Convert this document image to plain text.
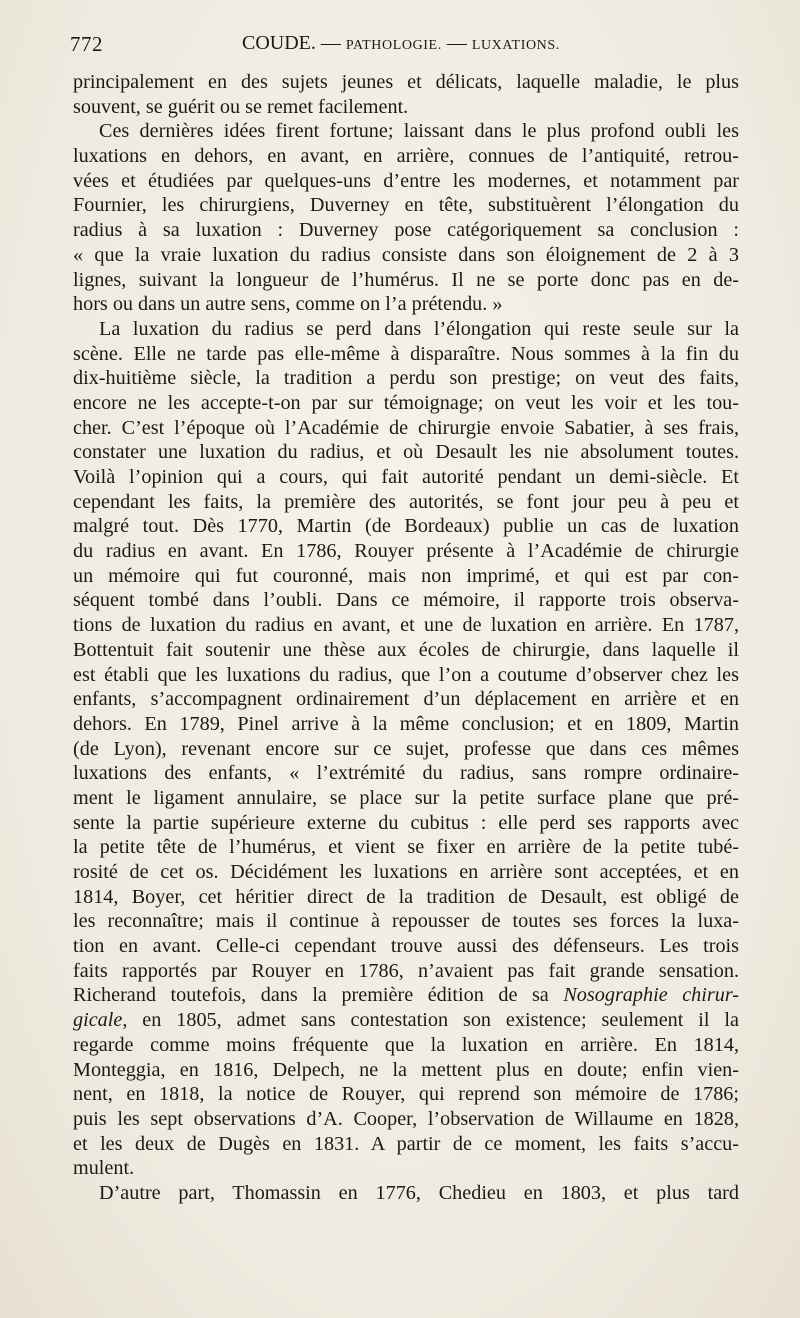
772	COUDE. — PATHOLOGIE. — LUXATIONS.
principalement en des sujets jeunes et délicats, laquelle maladie, le plus
souvent, se guérit ou se remet facilement.
Ces dernières idées firent fortune; laissant dans le plus profond oubli les
luxations en dehors, en avant, en arrière, connues de l’antiquité, retrou-
vées et étudiées par quelques-uns d’entre les modernes, et notamment par
Fournier, les chirurgiens, Duverney en tête, substituèrent l’élongation du
radius à sa luxation : Duverney pose catégoriquement sa conclusion :
« que la vraie luxation du radius consiste dans son éloignement de 2 à 3
lignes, suivant la longueur de l’humérus. Il ne se porte donc pas en de-
hors ou dans un autre sens, comme on l’a prétendu. »
La luxation du radius se perd dans l’élongation qui reste seule sur la
scène. Elle ne tarde pas elle-même à disparaître. Nous sommes à la fin du
dix-huitième siècle, la tradition a perdu son prestige; on veut des faits,
encore ne les accepte-t-on par sur témoignage; on veut les voir et les tou-
cher. C’est l’époque où l’Académie de chirurgie envoie Sabatier, à ses frais,
constater une luxation du radius, et où Desault les nie absolument toutes.
Voilà l’opinion qui a cours, qui fait autorité pendant un demi-siècle. Et
cependant les faits, la première des autorités, se font jour peu à peu et
malgré tout. Dès 1770, Martin (de Bordeaux) publie un cas de luxation
du radius en avant. En 1786, Rouyer présente à l’Académie de chirurgie
un mémoire qui fut couronné, mais non imprimé, et qui est par con-
séquent tombé dans l’oubli. Dans ce mémoire, il rapporte trois observa-
tions de luxation du radius en avant, et une de luxation en arrière. En 1787,
Bottentuit fait soutenir une thèse aux écoles de chirurgie, dans laquelle il
est établi que les luxations du radius, que l’on a coutume d’observer chez les
enfants, s’accompagnent ordinairement d’un déplacement en arrière et en
dehors. En 1789, Pinel arrive à la même conclusion; et en 1809, Martin
(de Lyon), revenant encore sur ce sujet, professe que dans ces mêmes
luxations des enfants, « l’extrémité du radius, sans rompre ordinaire-
ment le ligament annulaire, se place sur la petite surface plane que pré-
sente la partie supérieure externe du cubitus : elle perd ses rapports avec
la petite tête de l’humérus, et vient se fixer en arrière de la petite tubé-
rosité de cet os. Décidément les luxations en arrière sont acceptées, et en
1814, Boyer, cet héritier direct de la tradition de Desault, est obligé de
les reconnaître; mais il continue à repousser de toutes ses forces la luxa-
tion en avant. Celle-ci cependant trouve aussi des défenseurs. Les trois
faits rapportés par Rouyer en 1786, n’avaient pas fait grande sensation.
Richerand toutefois, dans la première édition de sa Nosographie chirur-
gicale, en 1805, admet sans contestation son existence; seulement il la
regarde comme moins fréquente que la luxation en arrière. En 1814,
Monteggia, en 1816, Delpech, ne la mettent plus en doute; enfin vien-
nent, en 1818, la notice de Rouyer, qui reprend son mémoire de 1786;
puis les sept observations d’A. Cooper, l’observation de Willaume en 1828,
et les deux de Dugès en 1831. A partir de ce moment, les faits s’accu-
mulent.
D’autre part, Thomassin en 1776, Chedieu en 1803, et plus tard
